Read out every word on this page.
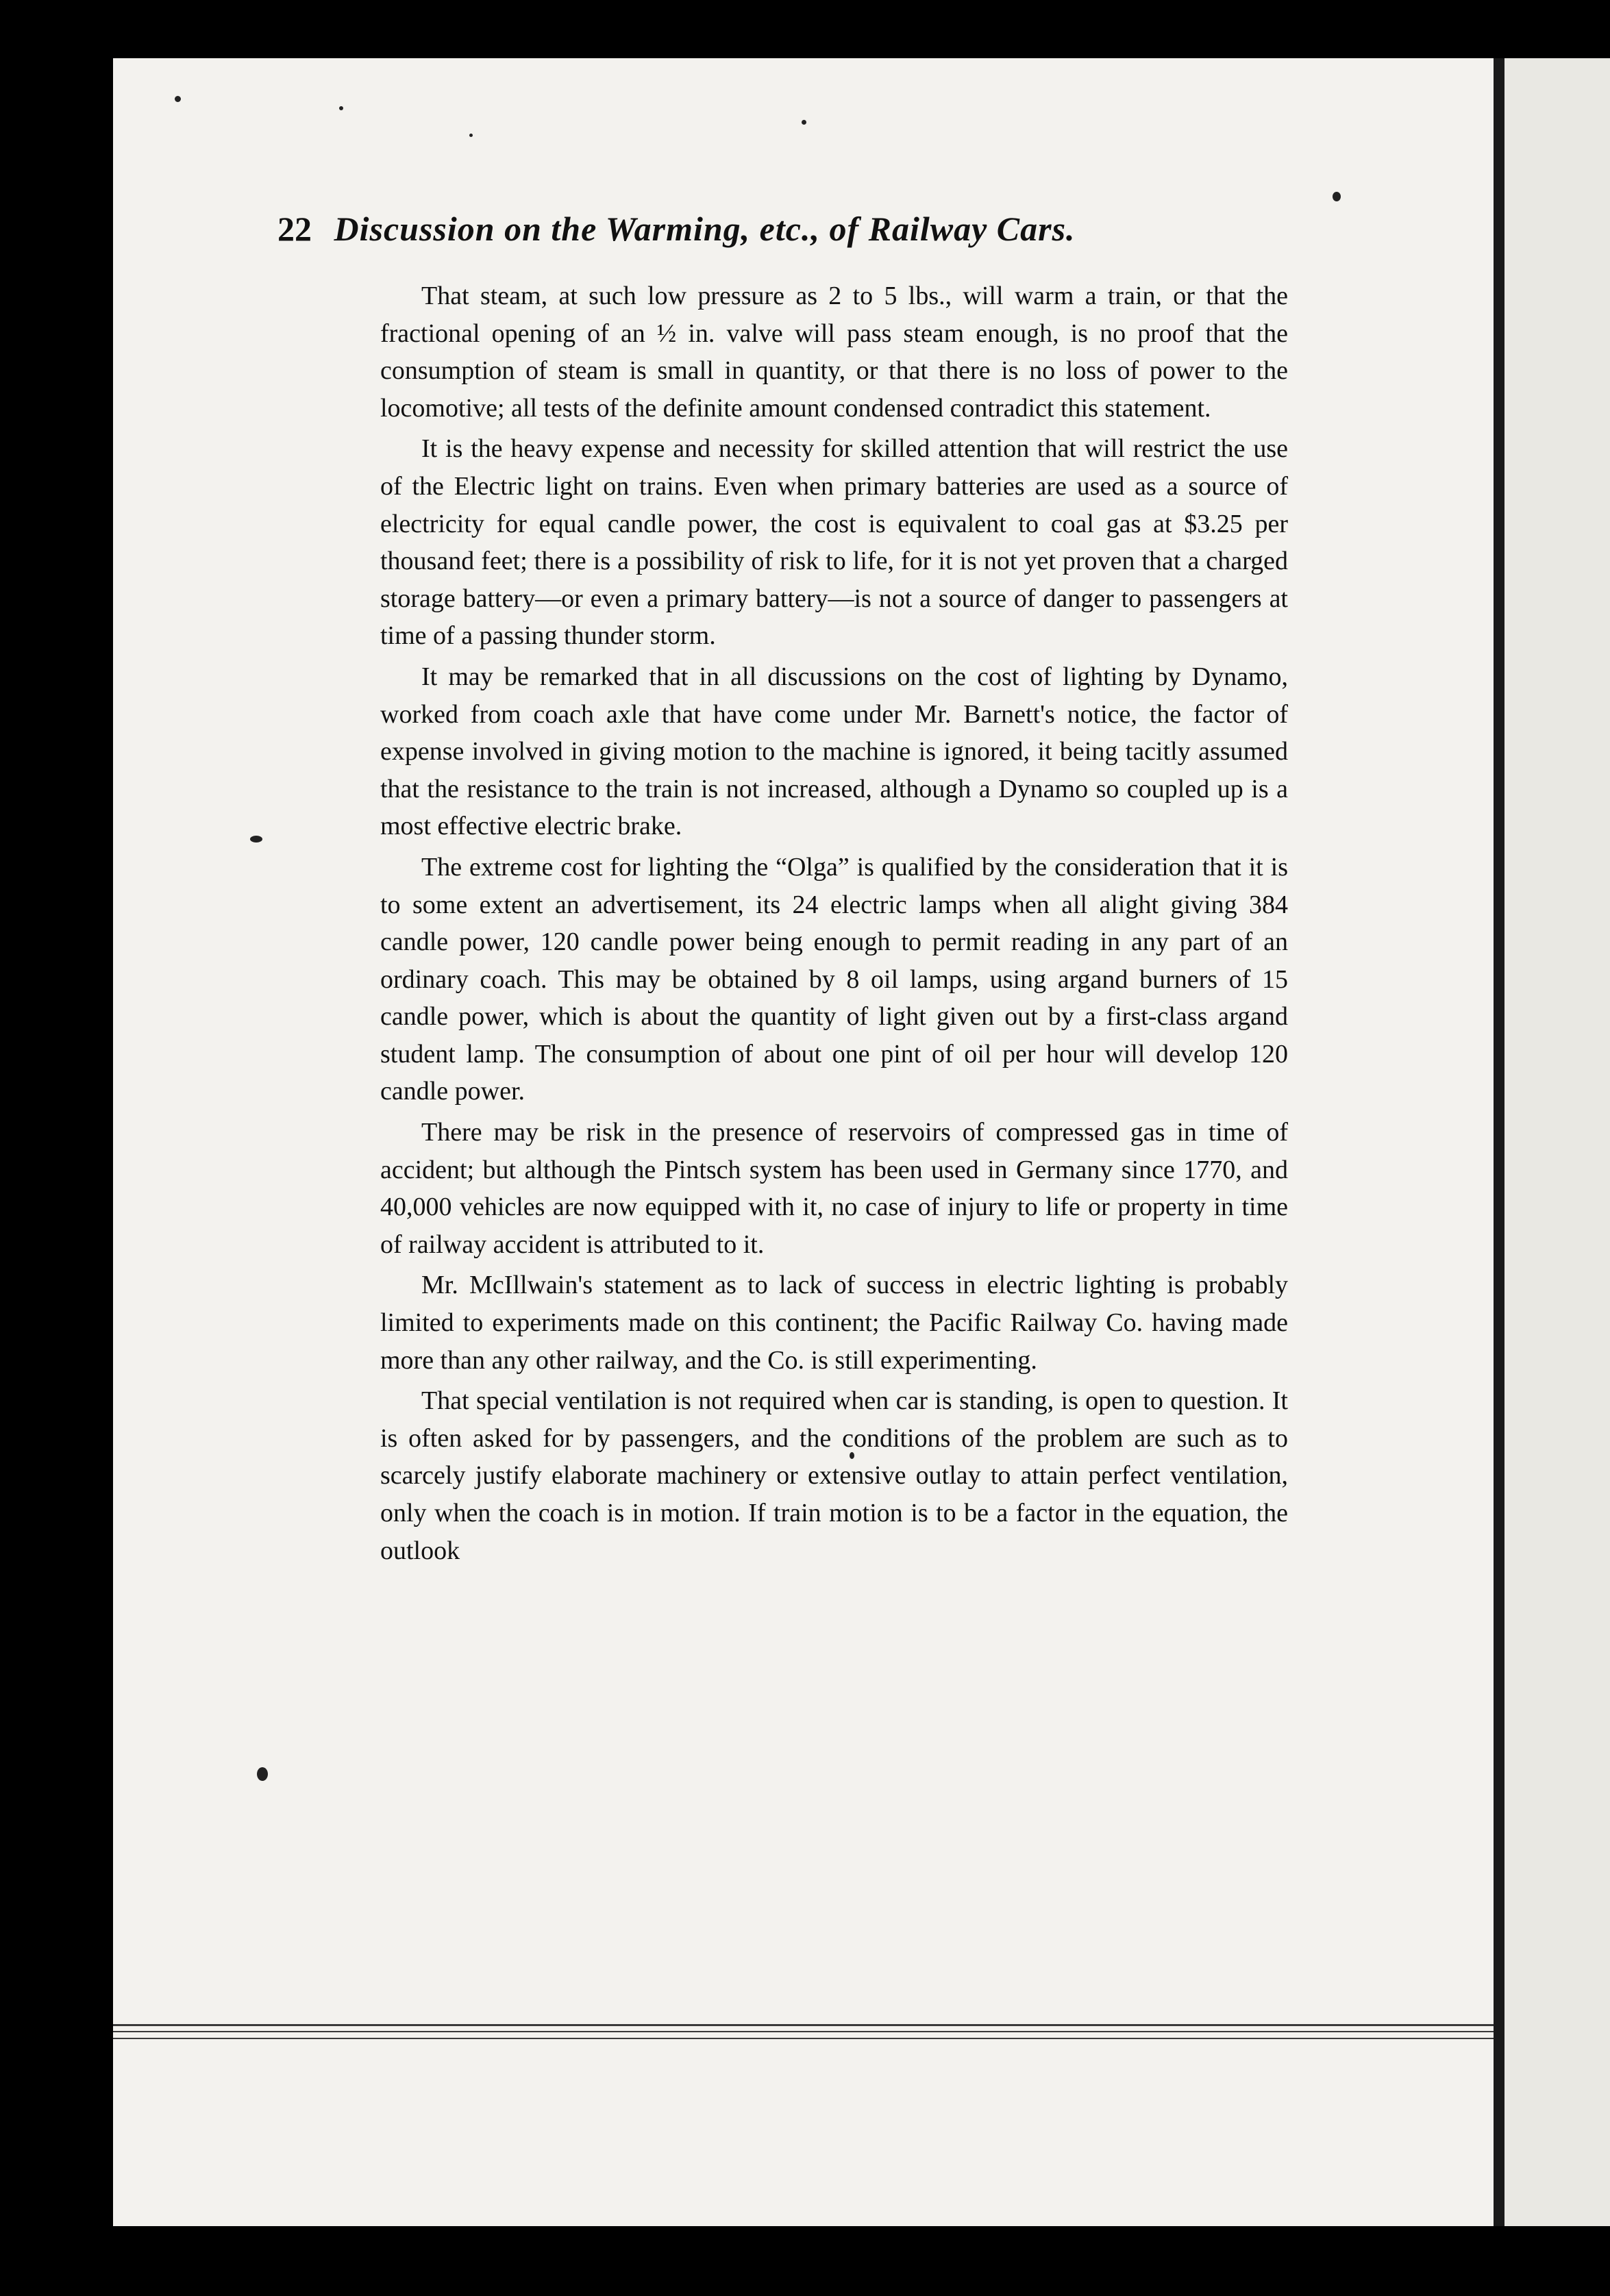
22 Discussion on the Warming, etc., of Railway Cars.

That steam, at such low pressure as 2 to 5 lbs., will warm a train, or that the fractional opening of an ½ in. valve will pass steam enough, is no proof that the consumption of steam is small in quantity, or that there is no loss of power to the locomotive; all tests of the definite amount condensed contradict this statement.

It is the heavy expense and necessity for skilled attention that will restrict the use of the Electric light on trains. Even when primary batteries are used as a source of electricity for equal candle power, the cost is equivalent to coal gas at $3.25 per thousand feet; there is a possibility of risk to life, for it is not yet proven that a charged storage battery—or even a primary battery—is not a source of danger to passengers at time of a passing thunder storm.

It may be remarked that in all discussions on the cost of lighting by Dynamo, worked from coach axle that have come under Mr. Barnett's notice, the factor of expense involved in giving motion to the machine is ignored, it being tacitly assumed that the resistance to the train is not increased, although a Dynamo so coupled up is a most effective electric brake.

The extreme cost for lighting the “Olga” is qualified by the consideration that it is to some extent an advertisement, its 24 electric lamps when all alight giving 384 candle power, 120 candle power being enough to permit reading in any part of an ordinary coach. This may be obtained by 8 oil lamps, using argand burners of 15 candle power, which is about the quantity of light given out by a first-class argand student lamp. The consumption of about one pint of oil per hour will develop 120 candle power.

There may be risk in the presence of reservoirs of compressed gas in time of accident; but although the Pintsch system has been used in Germany since 1770, and 40,000 vehicles are now equipped with it, no case of injury to life or property in time of railway accident is attributed to it.

Mr. McIllwain's statement as to lack of success in electric lighting is probably limited to experiments made on this continent; the Pacific Railway Co. having made more than any other railway, and the Co. is still experimenting.

That special ventilation is not required when car is standing, is open to question. It is often asked for by passengers, and the conditions of the problem are such as to scarcely justify elaborate machinery or extensive outlay to attain perfect ventilation, only when the coach is in motion. If train motion is to be a factor in the equation, the outlook
